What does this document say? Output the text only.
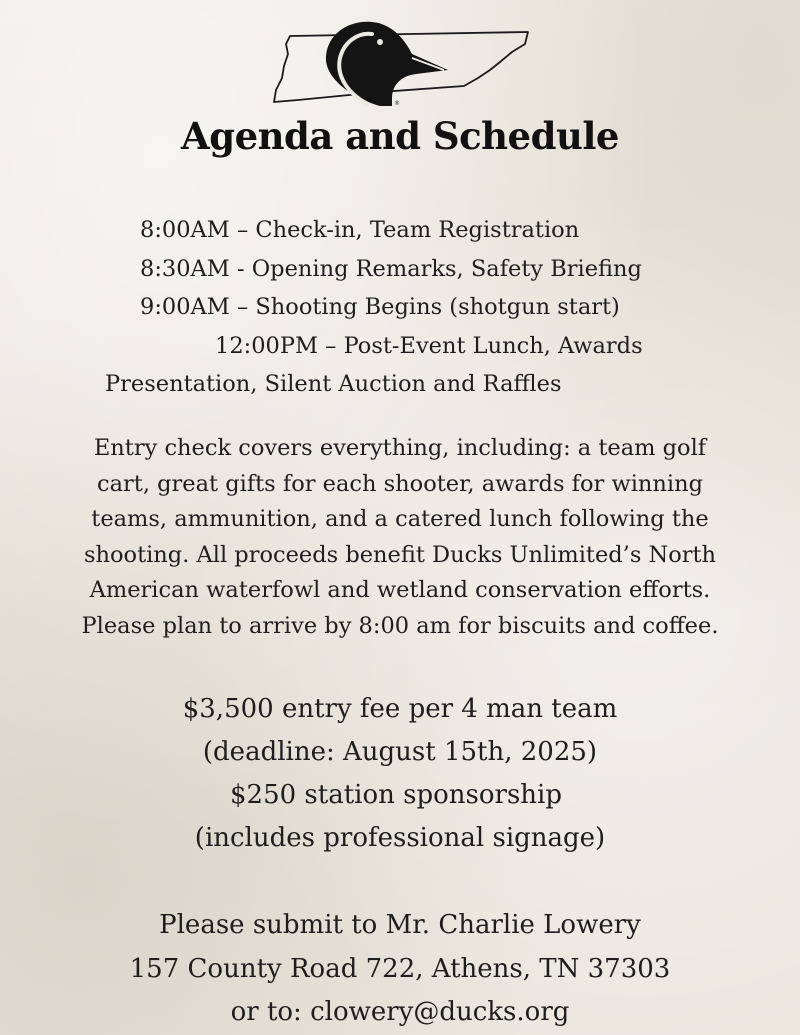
®
Agenda and Schedule
8:00AM – Check-in, Team Registration
8:30AM - Opening Remarks, Safety Briefing
9:00AM – Shooting Begins (shotgun start)
12:00PM – Post-Event Lunch, Awards
Presentation, Silent Auction and Raffles

Entry check covers everything, including: a team golf
cart, great gifts for each shooter, awards for winning
teams, ammunition, and a catered lunch following the
shooting. All proceeds benefit Ducks Unlimited’s North
American waterfowl and wetland conservation efforts.
Please plan to arrive by 8:00 am for biscuits and coffee.

$3,500 entry fee per 4 man team
(deadline: August 15th, 2025)
$250 station sponsorship
(includes professional signage)
Please submit to Mr. Charlie Lowery
157 County Road 722, Athens, TN 37303
or to: clowery@ducks.org
